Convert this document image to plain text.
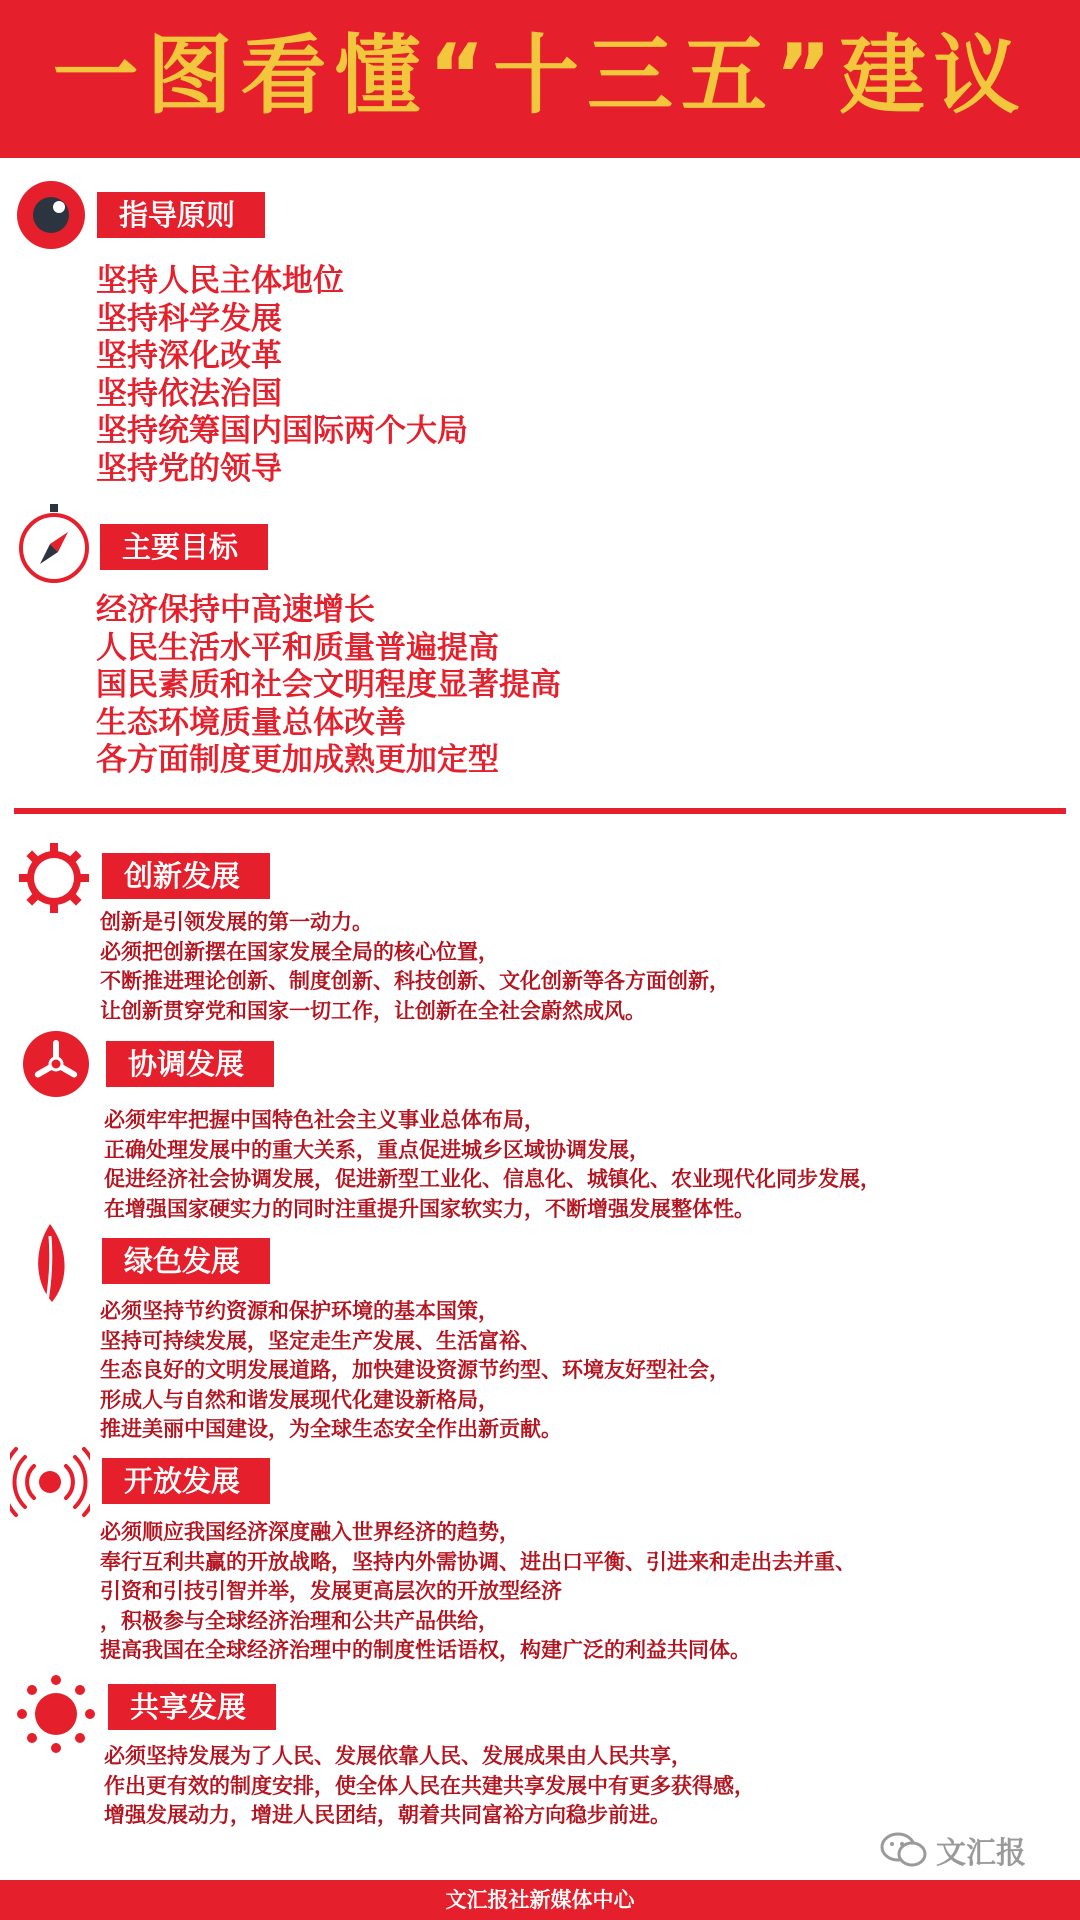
一图看懂“十三五”建议
指导原则
坚持人民主体地位
坚持科学发展
坚持深化改革
坚持依法治国
坚持统筹国内国际两个大局
坚持党的领导
主要目标
经济保持中高速增长
人民生活水平和质量普遍提高
国民素质和社会文明程度显著提高
生态环境质量总体改善
各方面制度更加成熟更加定型
创新发展
创新是引领发展的第一动力。
必须把创新摆在国家发展全局的核心位置，
不断推进理论创新、制度创新、科技创新、文化创新等各方面创新，
让创新贯穿党和国家一切工作，让创新在全社会蔚然成风。
协调发展
必须牢牢把握中国特色社会主义事业总体布局，
正确处理发展中的重大关系，重点促进城乡区域协调发展，
促进经济社会协调发展，促进新型工业化、信息化、城镇化、农业现代化同步发展，
在增强国家硬实力的同时注重提升国家软实力，不断增强发展整体性。
绿色发展
必须坚持节约资源和保护环境的基本国策，
坚持可持续发展，坚定走生产发展、生活富裕、
生态良好的文明发展道路，加快建设资源节约型、环境友好型社会，
形成人与自然和谐发展现代化建设新格局，
推进美丽中国建设，为全球生态安全作出新贡献。
开放发展
必须顺应我国经济深度融入世界经济的趋势，
奉行互利共赢的开放战略，坚持内外需协调、进出口平衡、引进来和走出去并重、
引资和引技引智并举，发展更高层次的开放型经济
，积极参与全球经济治理和公共产品供给，
提高我国在全球经济治理中的制度性话语权，构建广泛的利益共同体。
共享发展
必须坚持发展为了人民、发展依靠人民、发展成果由人民共享，
作出更有效的制度安排，使全体人民在共建共享发展中有更多获得感，
增强发展动力，增进人民团结，朝着共同富裕方向稳步前进。
文汇报
文汇报社新媒体中心
